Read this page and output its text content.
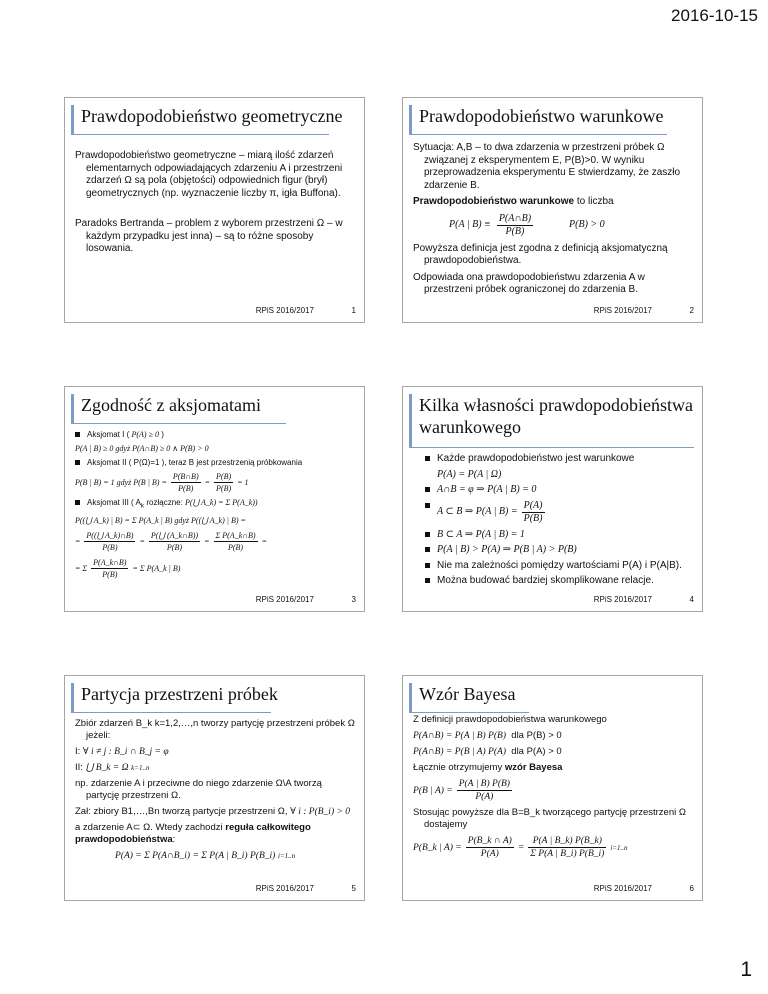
2016-10-15
Prawdopodobieństwo geometryczne

Prawdopodobieństwo geometryczne – miarą ilość zdarzeń elementarnych odpowiadających zdarzeniu A i przestrzeni zdarzeń Ω są pola (objętości) odpowiednich figur (brył) geometrycznych (np. wyznaczenie liczby π, igła Buffona).

Paradoks Bertranda – problem z wyborem przestrzeni Ω – w każdym przypadku jest inna) – są to różne sposoby losowania.

RPiS 2016/2017	1
Prawdopodobieństwo warunkowe

Sytuacja: A,B – to dwa zdarzenia w przestrzeni próbek Ω związanej z eksperymentem E, P(B)>0. W wyniku przeprowadzenia eksperymentu E stwierdzamy, że zaszło zdarzenie B.

Prawdopodobieństwo warunkowe to liczba

P(A | $B) \equiv \frac{P(A\cap B)}{P(B)}$	P(B) > 0

Powyższa definicja jest zgodna z definicją aksjomatyczną prawdopodobieństwa.

Odpowiada ona prawdopodobieństwu zdarzenia A w przestrzeni próbek ograniczonej do zdarzenia B.

RPiS 2016/2017	2
Zgodność z aksjomatami
Aksjomat I ( P(A) ≥ 0 )
P(A | B) ≥ 0 gdyż P(A∩B) ≥ 0 ∧ P(B) > 0
Aksjomat II ( P(Ω)=1 ), teraz B jest przestrzenią próbkowania
P(B | B) = 1 gdyż P(B | $B) = \frac{P(B\cap B)}{P(B)} = \frac{P(B)}{P(B)} = 1$
Aksjomat III ( $A_k$ rozłączne: P(⋃ A_k) = Σ P(A_k))
P((⋃ A_k) | B) = Σ P(A_k | B) gdyż P((⋃ A_k) | B) =
= $\frac{P((⋃ A\_k)\cap B)}{P(B)} = \frac{P(⋃ (A\_k\cap B))}{P(B)} = \frac{\text{Σ P(A\_k∩B)}}{P(B)}$ =
= Σ $\frac{P(A\_k\cap B)}{P(B)} = \Sigma$ P(A_k | B)
RPiS 2016/2017	3
Kilka własności prawdopodobieństwa warunkowego
Każde prawdopodobieństwo jest warunkowe
P(A) = P(A | Ω)
A∩B = φ ⇒ P(A | B) = 0
A ⊂ B ⇒ P(A | $B) = \frac{P(A)}{P(B)}$
B ⊂ A ⇒ P(A | B) = 1
P(A | B) > P(A) ⇒ P(B | A) > P(B)
Nie ma zależności pomiędzy wartościami P(A) i P(A|B).
Można budować bardziej skomplikowane relacje.
RPiS 2016/2017	4
Partycja przestrzeni próbek

Zbiór zdarzeń B_k k=1,2,…,n tworzy partycję przestrzeni próbek Ω jeżeli:

I: ∀ i ≠ j : B_i ∩ B_j = φ

II: ⋃ B_k = Ω k=1..n

np. zdarzenie A i przeciwne do niego zdarzenie Ω\A tworzą partycję przestrzeni Ω.

Zał: zbiory B1,…,Bn tworzą partycje przestrzeni Ω, ∀ i : P(B_i) > 0

a zdarzenie A⊂ Ω. Wtedy zachodzi reguła całkowitego prawdopodobieństwa:

P(A) = Σ P(A∩B_i) = Σ P(A | B_i) P(B_i) i=1..n

RPiS 2016/2017	5
Wzór Bayesa

Z definicji prawdopodobieństwa warunkowego

P(A∩B) = P(A | B) P(B) dla P(B) > 0

P(A∩B) = P(B | A) P(A) dla P(A) > 0

Łącznie otrzymujemy wzór Bayesa

P(B | $A) = \frac{P(A | B) P(B)}{P(A)}$

Stosując powyższe dla B=B_k tworzącego partycję przestrzeni Ω dostajemy

P(B_k | $A) = \frac{P(B\_k \cap A)}{P(A)} = \frac{P(A | B\_k) P(B\_k)}{\text{Σ P(A | B\_i) P(B\_i)}} i=1..n$
RPiS 2016/2017	6
1
